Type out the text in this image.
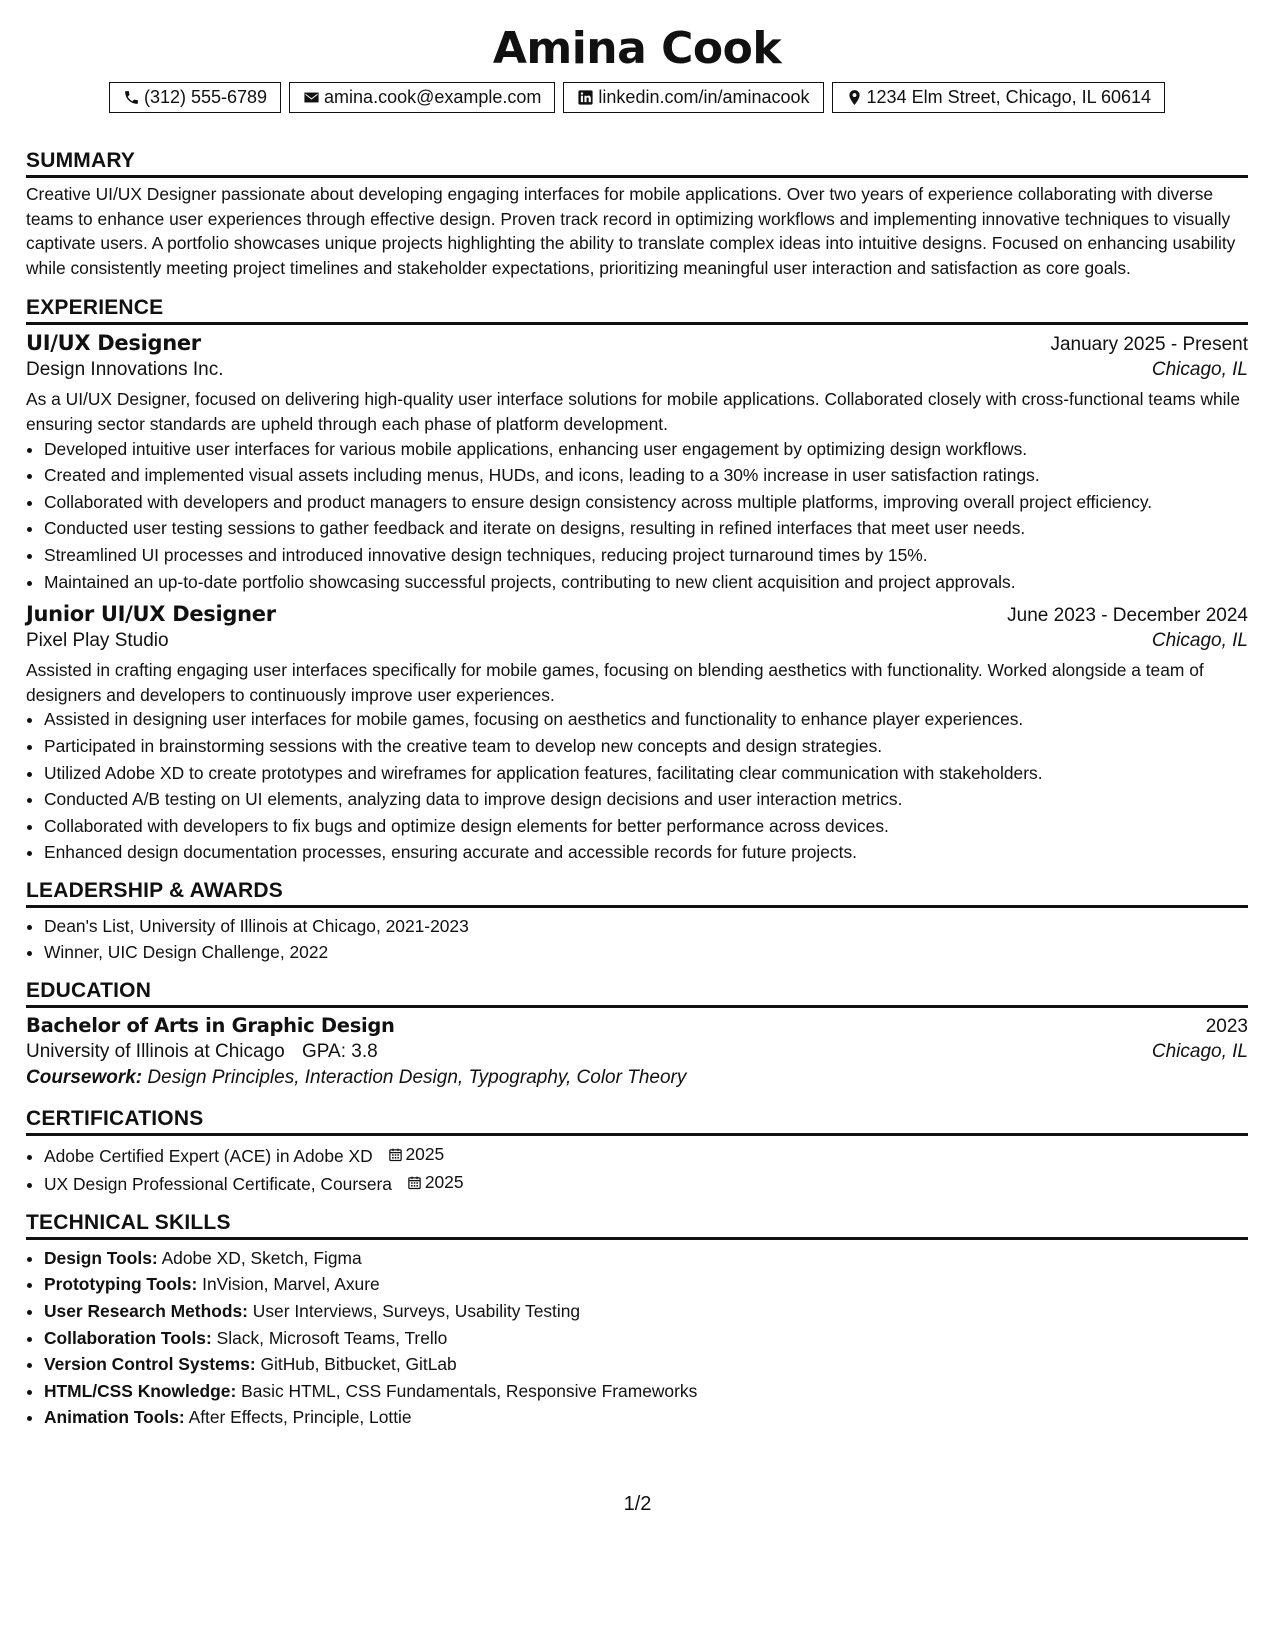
Amina Cook
(312) 555-6789	amina.cook@example.com	linkedin.com/in/aminacook	1234 Elm Street, Chicago, IL 60614
SUMMARY

Creative UI/UX Designer passionate about developing engaging interfaces for mobile applications. Over two years of experience collaborating with diverse teams to enhance user experiences through effective design. Proven track record in optimizing workflows and implementing innovative techniques to visually captivate users. A portfolio showcases unique projects highlighting the ability to translate complex ideas into intuitive designs. Focused on enhancing usability while consistently meeting project timelines and stakeholder expectations, prioritizing meaningful user interaction and satisfaction as core goals.

EXPERIENCE
UI/UX Designer	January 2025 - Present
Design Innovations Inc.	Chicago, IL

As a UI/UX Designer, focused on delivering high-quality user interface solutions for mobile applications. Collaborated closely with cross-functional teams while ensuring sector standards are upheld through each phase of platform development.

• Developed intuitive user interfaces for various mobile applications, enhancing user engagement by optimizing design workflows.
• Created and implemented visual assets including menus, HUDs, and icons, leading to a 30% increase in user satisfaction ratings.
• Collaborated with developers and product managers to ensure design consistency across multiple platforms, improving overall project efficiency.
• Conducted user testing sessions to gather feedback and iterate on designs, resulting in refined interfaces that meet user needs.
• Streamlined UI processes and introduced innovative design techniques, reducing project turnaround times by 15%.
• Maintained an up-to-date portfolio showcasing successful projects, contributing to new client acquisition and project approvals.
Junior UI/UX Designer	June 2023 - December 2024
Pixel Play Studio	Chicago, IL

Assisted in crafting engaging user interfaces specifically for mobile games, focusing on blending aesthetics with functionality. Worked alongside a team of designers and developers to continuously improve user experiences.

• Assisted in designing user interfaces for mobile games, focusing on aesthetics and functionality to enhance player experiences.
• Participated in brainstorming sessions with the creative team to develop new concepts and design strategies.
• Utilized Adobe XD to create prototypes and wireframes for application features, facilitating clear communication with stakeholders.
• Conducted A/B testing on UI elements, analyzing data to improve design decisions and user interaction metrics.
• Collaborated with developers to fix bugs and optimize design elements for better performance across devices.
• Enhanced design documentation processes, ensuring accurate and accessible records for future projects.
LEADERSHIP & AWARDS
• Dean's List, University of Illinois at Chicago, 2021-2023
• Winner, UIC Design Challenge, 2022
EDUCATION
Bachelor of Arts in Graphic Design	2023
University of Illinois at Chicago GPA: 3.8	Chicago, IL
Coursework: Design Principles, Interaction Design, Typography, Color Theory
CERTIFICATIONS
• Adobe Certified Expert (ACE) in Adobe XD 2025
• UX Design Professional Certificate, Coursera 2025
TECHNICAL SKILLS
• Design Tools: Adobe XD, Sketch, Figma
• Prototyping Tools: InVision, Marvel, Axure
• User Research Methods: User Interviews, Surveys, Usability Testing
• Collaboration Tools: Slack, Microsoft Teams, Trello
• Version Control Systems: GitHub, Bitbucket, GitLab
• HTML/CSS Knowledge: Basic HTML, CSS Fundamentals, Responsive Frameworks
• Animation Tools: After Effects, Principle, Lottie
1/2
